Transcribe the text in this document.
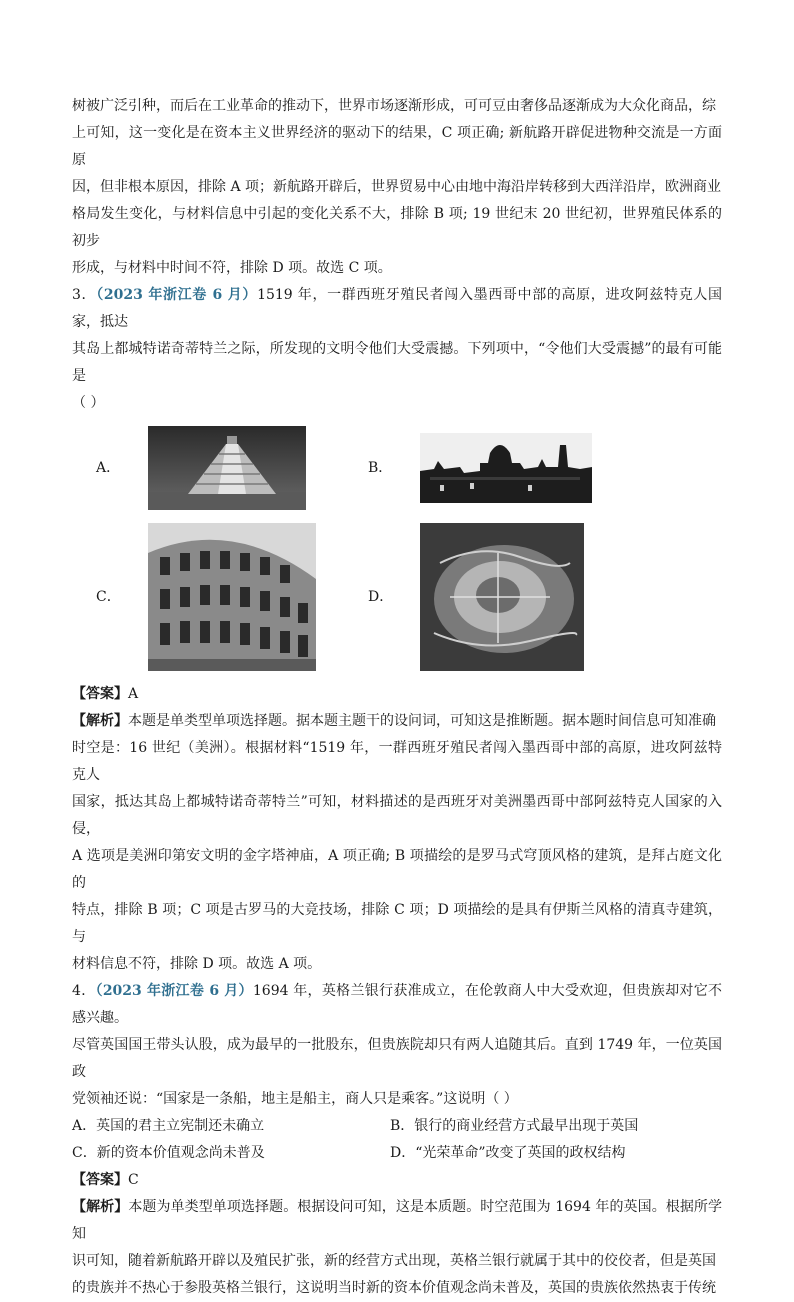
树被广泛引种，而后在工业革命的推动下，世界市场逐渐形成，可可豆由奢侈品逐渐成为大众化商品，综

上可知，这一变化是在资本主义世界经济的驱动下的结果，C 项正确; 新航路开辟促进物种交流是一方面原

因，但非根本原因，排除 A 项；新航路开辟后，世界贸易中心由地中海沿岸转移到大西洋沿岸，欧洲商业

格局发生变化，与材料信息中引起的变化关系不大，排除 B 项; 19 世纪末 20 世纪初，世界殖民体系的初步

形成，与材料中时间不符，排除 D 项。故选 C 项。

3．（2023 年浙江卷 6 月）1519 年，一群西班牙殖民者闯入墨西哥中部的高原，进攻阿兹特克人国家，抵达

其岛上都城特诺奇蒂特兰之际，所发现的文明令他们大受震撼。下列项中，“令他们大受震撼”的最有可能是

（ ）

A．	B．
C．	D．

【答案】A

【解析】本题是单类型单项选择题。据本题主题干的设问词，可知这是推断题。据本题时间信息可知准确

时空是：16 世纪（美洲）。根据材料“1519 年，一群西班牙殖民者闯入墨西哥中部的高原，进攻阿兹特克人

国家，抵达其岛上都城特诺奇蒂特兰”可知，材料描述的是西班牙对美洲墨西哥中部阿兹特克人国家的入侵，

A 选项是美洲印第安文明的金字塔神庙，A 项正确; B 项描绘的是罗马式穹顶风格的建筑，是拜占庭文化的

特点，排除 B 项；C 项是古罗马的大竞技场，排除 C 项；D 项描绘的是具有伊斯兰风格的清真寺建筑，与

材料信息不符，排除 D 项。故选 A 项。

4．（2023 年浙江卷 6 月）1694 年，英格兰银行获准成立，在伦敦商人中大受欢迎，但贵族却对它不感兴趣。

尽管英国国王带头认股，成为最早的一批股东，但贵族院却只有两人追随其后。直到 1749 年，一位英国政

党领袖还说：“国家是一条船，地主是船主，商人只是乘客。”这说明（ ）

A．英国的君主立宪制还未确立	B．银行的商业经营方式最早出现于英国
C．新的资本价值观念尚未普及	D．“光荣革命”改变了英国的政权结构

【答案】C

【解析】本题为单类型单项选择题。根据设问可知，这是本质题。时空范围为 1694 年的英国。根据所学知

识可知，随着新航路开辟以及殖民扩张，新的经营方式出现，英格兰银行就属于其中的佼佼者，但是英国

的贵族并不热心于参股英格兰银行，这说明当时新的资本价值观念尚未普及，英国的贵族依然热衷于传统
